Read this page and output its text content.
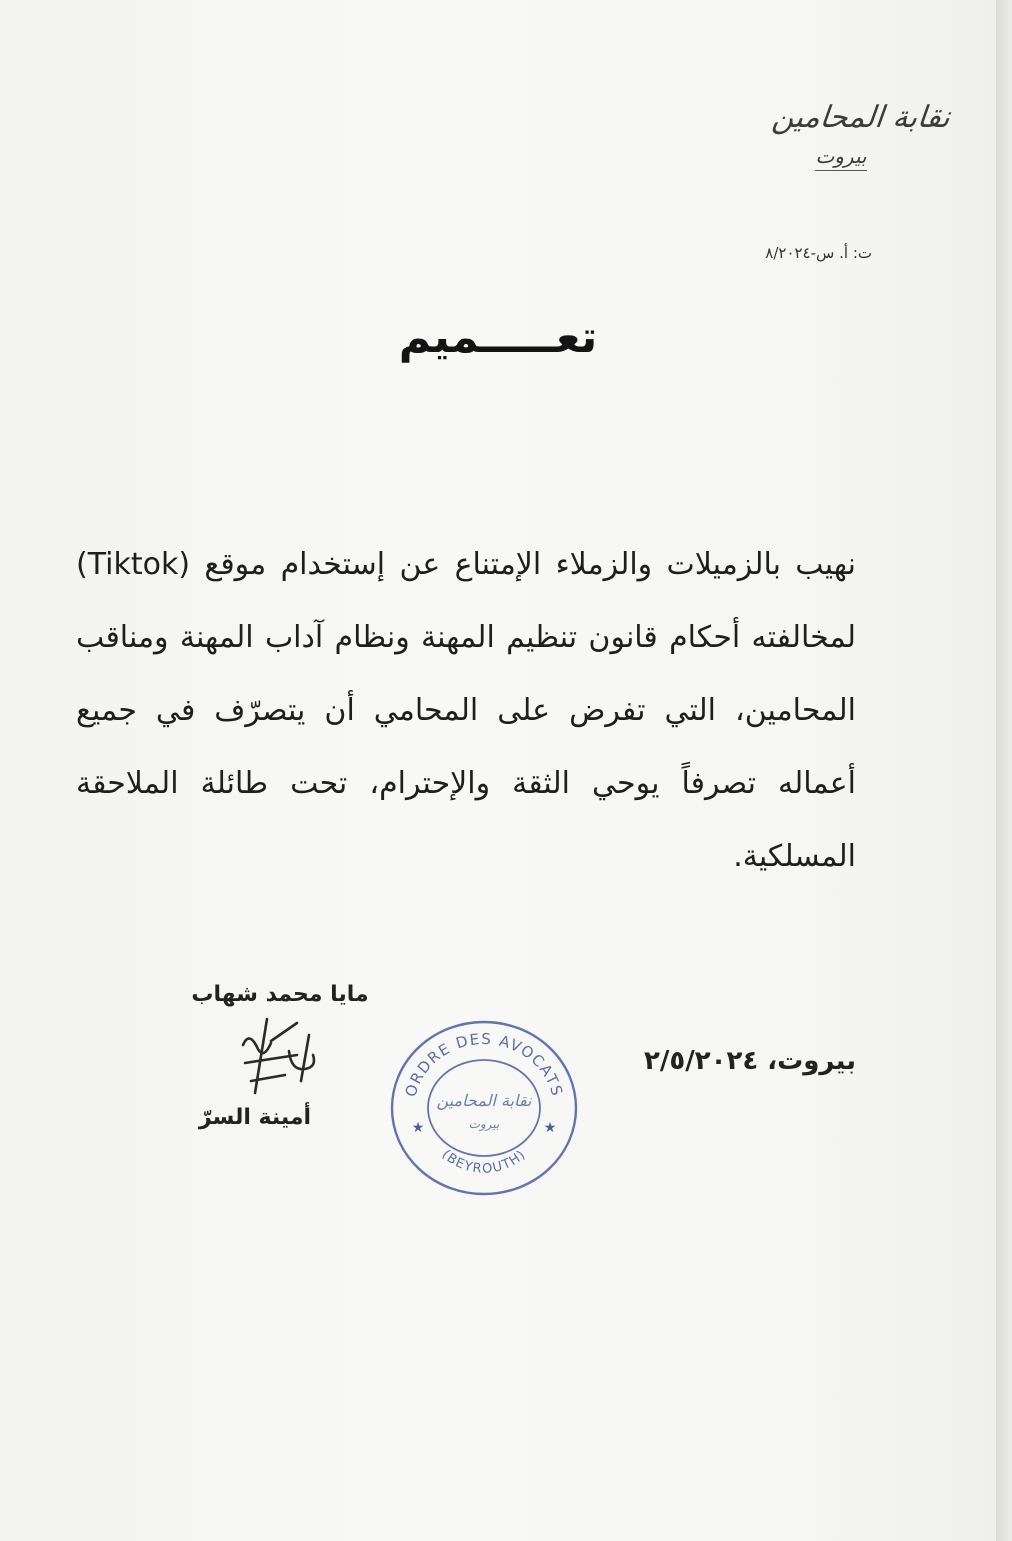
نقابة المحامين
بيروت
ت: أ. س-٨/٢٠٢٤
تعـــــميم
نهيب بالزميلات والزملاء الإمتناع عن إستخدام موقع (Tiktok) لمخالفته أحكام قانون تنظيم المهنة ونظام آداب المهنة ومناقب المحامين، التي تفرض على المحامي أن يتصرّف في جميع أعماله تصرفاً يوحي الثقة والإحترام، تحت طائلة الملاحقة المسلكية.
بيروت، ٢/٥/٢٠٢٤
ORDRE DES AVOCATS
(BEYROUTH)
★	★
نقابة المحامين
بيروت
مايا محمد شهاب
أمينة السرّ
